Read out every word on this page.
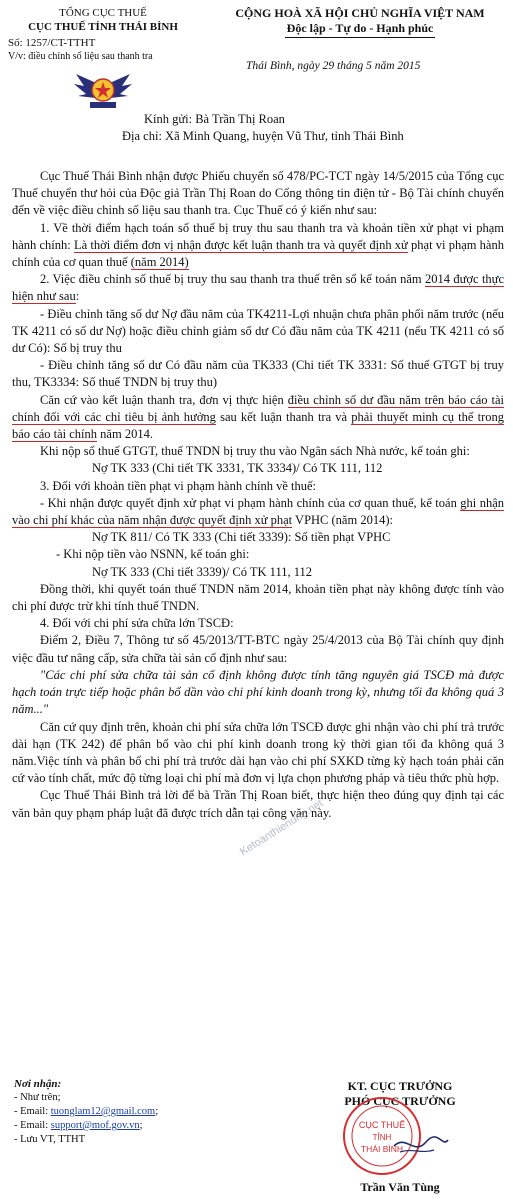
TỔNG CỤC THUẾ
CỤC THUẾ TỈNH THÁI BÌNH
Số: 1257/CT-TTHT
V/v: điều chỉnh số liệu sau thanh tra
CỘNG HOÀ XÃ HỘI CHỦ NGHĨA VIỆT NAM
Độc lập - Tự do - Hạnh phúc
Thái Bình, ngày 29 tháng 5 năm 2015
Kính gửi: Bà Trần Thị Roan
Địa chỉ: Xã Minh Quang, huyện Vũ Thư, tỉnh Thái Bình

Cục Thuế Thái Bình nhận được Phiếu chuyển số 478/PC-TCT ngày 14/5/2015 của Tổng cục Thuế chuyển thư hỏi của Độc giả Trần Thị Roan do Cổng thông tin điện tử - Bộ Tài chính chuyển đến về việc điều chỉnh số liệu sau thanh tra. Cục Thuế có ý kiến như sau:

1. Về thời điểm hạch toán số thuế bị truy thu sau thanh tra và khoản tiền xử phạt vi phạm hành chính: Là thời điểm đơn vị nhận được kết luận thanh tra và quyết định xử phạt vi phạm hành chính của cơ quan thuế (năm 2014)

2. Việc điều chỉnh số thuế bị truy thu sau thanh tra thuế trên sổ kế toán năm 2014 được thực hiện như sau:

- Điều chỉnh tăng số dư Nợ đầu năm của TK4211-Lợi nhuận chưa phân phối năm trước (nếu TK 4211 có số dư Nợ) hoặc điều chỉnh giảm số dư Có đầu năm của TK 4211 (nếu TK 4211 có số dư Có): Số bị truy thu

- Điều chỉnh tăng số dư Có đầu năm của TK333 (Chi tiết TK 3331: Số thuế GTGT bị truy thu, TK3334: Số thuế TNDN bị truy thu)

Căn cứ vào kết luận thanh tra, đơn vị thực hiện điều chỉnh số dư đầu năm trên báo cáo tài chính đối với các chỉ tiêu bị ảnh hưởng sau kết luận thanh tra và phải thuyết minh cụ thể trong báo cáo tài chính năm 2014.

Khi nộp số thuế GTGT, thuế TNDN bị truy thu vào Ngân sách Nhà nước, kế toán ghi:

Nợ TK 333 (Chi tiết TK 3331, TK 3334)/ Có TK 111, 112

3. Đối với khoản tiền phạt vi phạm hành chính về thuế:

- Khi nhận được quyết định xử phạt vi phạm hành chính của cơ quan thuế, kế toán ghi nhận vào chi phí khác của năm nhận được quyết định xử phạt VPHC (năm 2014):

Nợ TK 811/ Có TK 333 (Chi tiết 3339): Số tiền phạt VPHC

- Khi nộp tiền vào NSNN, kế toán ghi:

Nợ TK 333 (Chi tiết 3339)/ Có TK 111, 112

Đồng thời, khi quyết toán thuế TNDN năm 2014, khoản tiền phạt này không được tính vào chi phí được trừ khi tính thuế TNDN.

4. Đối với chi phí sửa chữa lớn TSCĐ:

Điểm 2, Điều 7, Thông tư số 45/2013/TT-BTC ngày 25/4/2013 của Bộ Tài chính quy định việc đầu tư nâng cấp, sửa chữa tài sản cố định như sau:

"Các chi phí sửa chữa tài sản cố định không được tính tăng nguyên giá TSCĐ mà được hạch toán trực tiếp hoặc phân bổ dần vào chi phí kinh doanh trong kỳ, nhưng tối đa không quá 3 năm..."

Căn cứ quy định trên, khoản chi phí sửa chữa lớn TSCĐ được ghi nhận vào chi phí trả trước dài hạn (TK 242) để phân bổ vào chi phí kinh doanh trong kỳ thời gian tối đa không quá 3 năm.Việc tính và phân bổ chi phí trả trước dài hạn vào chi phí SXKD từng kỳ hạch toán phải căn cứ vào tính chất, mức độ từng loại chi phí mà đơn vị lựa chọn phương pháp và tiêu thức phù hợp.

Cục Thuế Thái Bình trả lời để bà Trần Thị Roan biết, thực hiện theo đúng quy định tại các văn bản quy phạm pháp luật đã được trích dẫn tại công văn này.

Ketoanthienung.net
Nơi nhận:
- Như trên;
- Email: tuonglam12@gmail.com;
- Email: support@mof.gov.vn;
- Lưu VT, TTHT
KT. CỤC TRƯỞNG
PHÓ CỤC TRƯỞNG
CỤC THUẾ
TỈNH
THÁI BÌNH
Trần Văn Tùng
